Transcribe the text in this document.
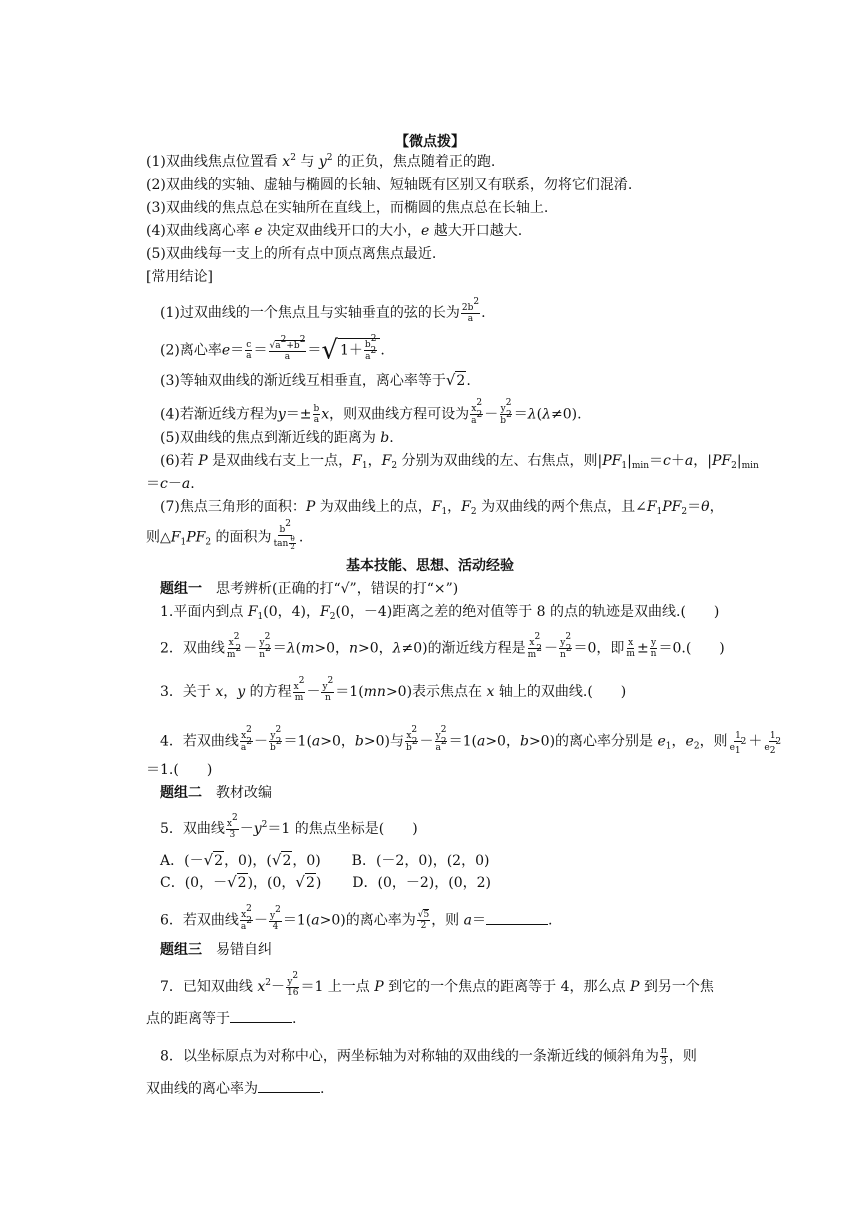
【微点拨】
(1)双曲线焦点位置看 $x^2$ 与 $y^2$ 的正负，焦点随着正的跑.
(2)双曲线的实轴、虚轴与椭圆的长轴、短轴既有区别又有联系，勿将它们混淆.
(3)双曲线的焦点总在实轴所在直线上，而椭圆的焦点总在长轴上.
(4)双曲线离心率 e 决定双曲线开口的大小，e 越大开口越大.
(5)双曲线每一支上的所有点中顶点离焦点最近.
[常用结论]
(1)过双曲线的一个焦点且与实轴垂直的弦的长为 $\frac{2b^2}{a}$ .
(2)离心率$e= \frac{c}{a} = \frac{√a^2+b^2}{a}$ ＝√ $1+ \frac{b^2}{a^2}$ .
(3)等轴双曲线的渐近线互相垂直，离心率等于√2.
(4)若渐近线方程为$y=\pm \frac{b}{a}$ x，则双曲线方程可设为 $\frac{x^2}{a^2} - \frac{y^2}{b^2} =\lambda(\lambda\ne 0)$.
(5)双曲线的焦点到渐近线的距离为 b.
(6)若 P 是双曲线右支上一点，$F_1$，$F_2$ 分别为双曲线的左、右焦点，则$|PF_1|_{min}=c+a$，$|PF_2|_{min}$
＝c－a.
(7)焦点三角形的面积：P 为双曲线上的点，$F_1$，$F_2$ 为双曲线的两个焦点，且$\angle F_1PF_2=\theta$，
则$\triangle F_1PF_2$ 的面积为 $\frac{b^2}{\tan \frac{\theta}{2}}$ .
基本技能、思想、活动经验
题组一　思考辨析(正确的打“√”，错误的打“×”)
1.平面内到点 $F_1(0$，4)，$F_2(0$，－4)距离之差的绝对值等于 8 的点的轨迹是双曲线.(　　)
2．双曲线 $\frac{x^2}{m^2} - \frac{y^2}{n^2} =\lambda(m>0$，n>0，λ≠0)的渐近线方程是 $\frac{x^2}{m^2} - \frac{y^2}{n^2} =0$，即 $\frac{x}{m} \pm \frac{y}{n} =0$.(　　)
3．关于 x，y 的方程 $\frac{x^2}{m} - \frac{y^2}{n} =1(mn>0)$表示焦点在 x 轴上的双曲线.(　　)
4．若双曲线 $\frac{x^2}{a^2} - \frac{y^2}{b^2} =1(a>0$，b>0)与 $\frac{x^2}{b^2} - \frac{y^2}{a^2} =1(a>0$，b>0)的离心率分别是 $e_1$，$e_2$，则 $\frac{1}{e_1^2} + \frac{1}{e_2^2}$
＝1.(　　)
题组二　教材改编
5．双曲线 $\frac{x^2}{3} -y^2=1$ 的焦点坐标是(　　)
A．(－√2，0)，(√2，0) B．(－2，0)，(2，0)
C．(0，－√2)，(0，√2) D．(0，－2)，(0，2)
6．若双曲线 $\frac{x^2}{a^2} - \frac{y^2}{4} =1(a>0)$的离心率为 $\frac{√5}{2}$ ，则 a＝	.
题组三　易错自纠
7．已知双曲线 $x^2- \frac{y^2}{16} =1$ 上一点 P 到它的一个焦点的距离等于 4，那么点 P 到另一个焦
点的距离等于	.
8．以坐标原点为对称中心，两坐标轴为对称轴的双曲线的一条渐近线的倾斜角为 $\frac{\pi}{3}$ ，则
双曲线的离心率为	.
